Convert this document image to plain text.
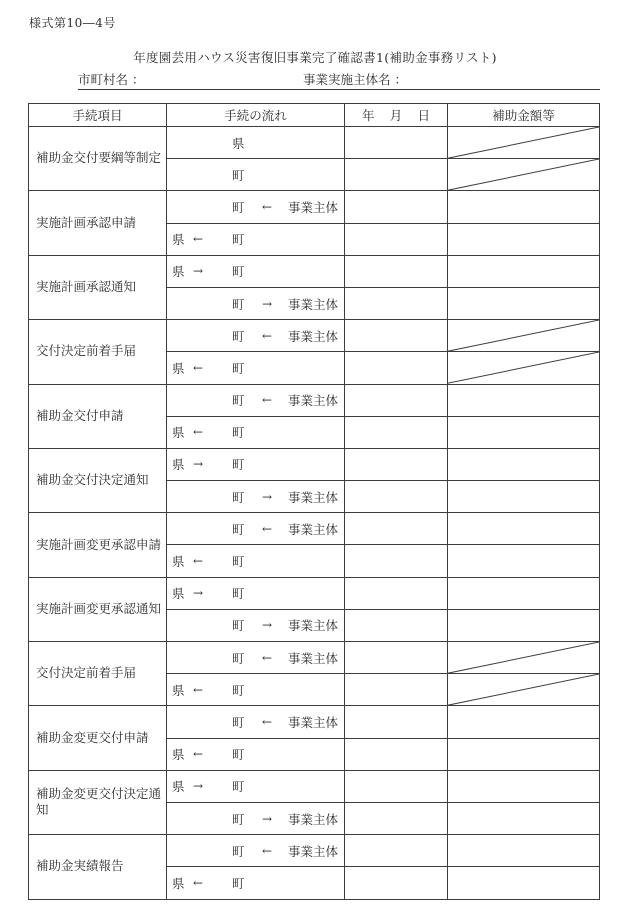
様式第10―4号
年度園芸用ハウス災害復旧事業完了確認書1(補助金事務リスト)
市町村名 ：	事業実施主体名 ：
手続項目	手続の流れ	年 月 日	補助金額等
補助金交付要綱等制定	県

	町

実施計画承認申請	町 ← 事業主体		

	県 ← 町		

実施計画承認通知	県 → 町		

	町 → 事業主体		

交付決定前着手届	町 ← 事業主体

	県 ← 町

補助金交付申請	町 ← 事業主体		

	県 ← 町		

補助金交付決定通知	県 → 町		

	町 → 事業主体		

実施計画変更承認申請	町 ← 事業主体		

	県 ← 町		

実施計画変更承認通知	県 → 町		

	町 → 事業主体		

交付決定前着手届	町 ← 事業主体

	県 ← 町

補助金変更交付申請	町 ← 事業主体		

	県 ← 町		

補助金変更交付決定通知	県 → 町		

	町 → 事業主体		

補助金実績報告	町 ← 事業主体		

	県 ← 町		
